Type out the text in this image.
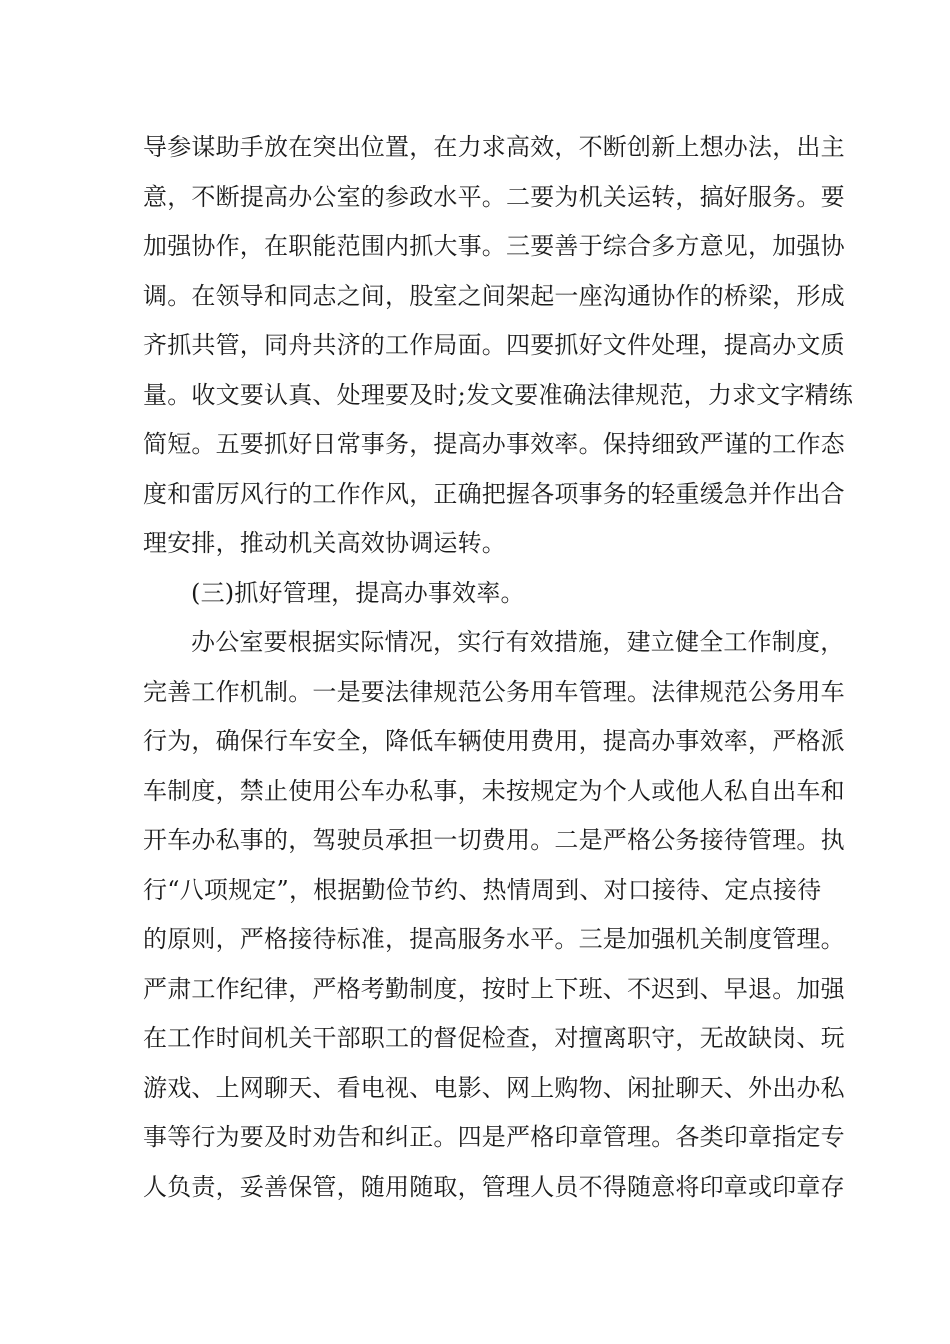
导参谋助手放在突出位置，在力求高效，不断创新上想办法，出主
意，不断提高办公室的参政水平。二要为机关运转，搞好服务。要
加强协作，在职能范围内抓大事。三要善于综合多方意见，加强协
调。在领导和同志之间，股室之间架起一座沟通协作的桥梁，形成
齐抓共管，同舟共济的工作局面。四要抓好文件处理，提高办文质
量。收文要认真、处理要及时;发文要准确法律规范，力求文字精练
简短。五要抓好日常事务，提高办事效率。保持细致严谨的工作态
度和雷厉风行的工作作风，正确把握各项事务的轻重缓急并作出合
理安排，推动机关高效协调运转。
(三)抓好管理，提高办事效率。
办公室要根据实际情况，实行有效措施，建立健全工作制度，
完善工作机制。一是要法律规范公务用车管理。法律规范公务用车
行为，确保行车安全，降低车辆使用费用，提高办事效率，严格派
车制度，禁止使用公车办私事，未按规定为个人或他人私自出车和
开车办私事的，驾驶员承担一切费用。二是严格公务接待管理。执
行“八项规定”，根据勤俭节约、热情周到、对口接待、定点接待
的原则，严格接待标准，提高服务水平。三是加强机关制度管理。
严肃工作纪律，严格考勤制度，按时上下班、不迟到、早退。加强
在工作时间机关干部职工的督促检查，对擅离职守，无故缺岗、玩
游戏、上网聊天、看电视、电影、网上购物、闲扯聊天、外出办私
事等行为要及时劝告和纠正。四是严格印章管理。各类印章指定专
人负责，妥善保管，随用随取，管理人员不得随意将印章或印章存
